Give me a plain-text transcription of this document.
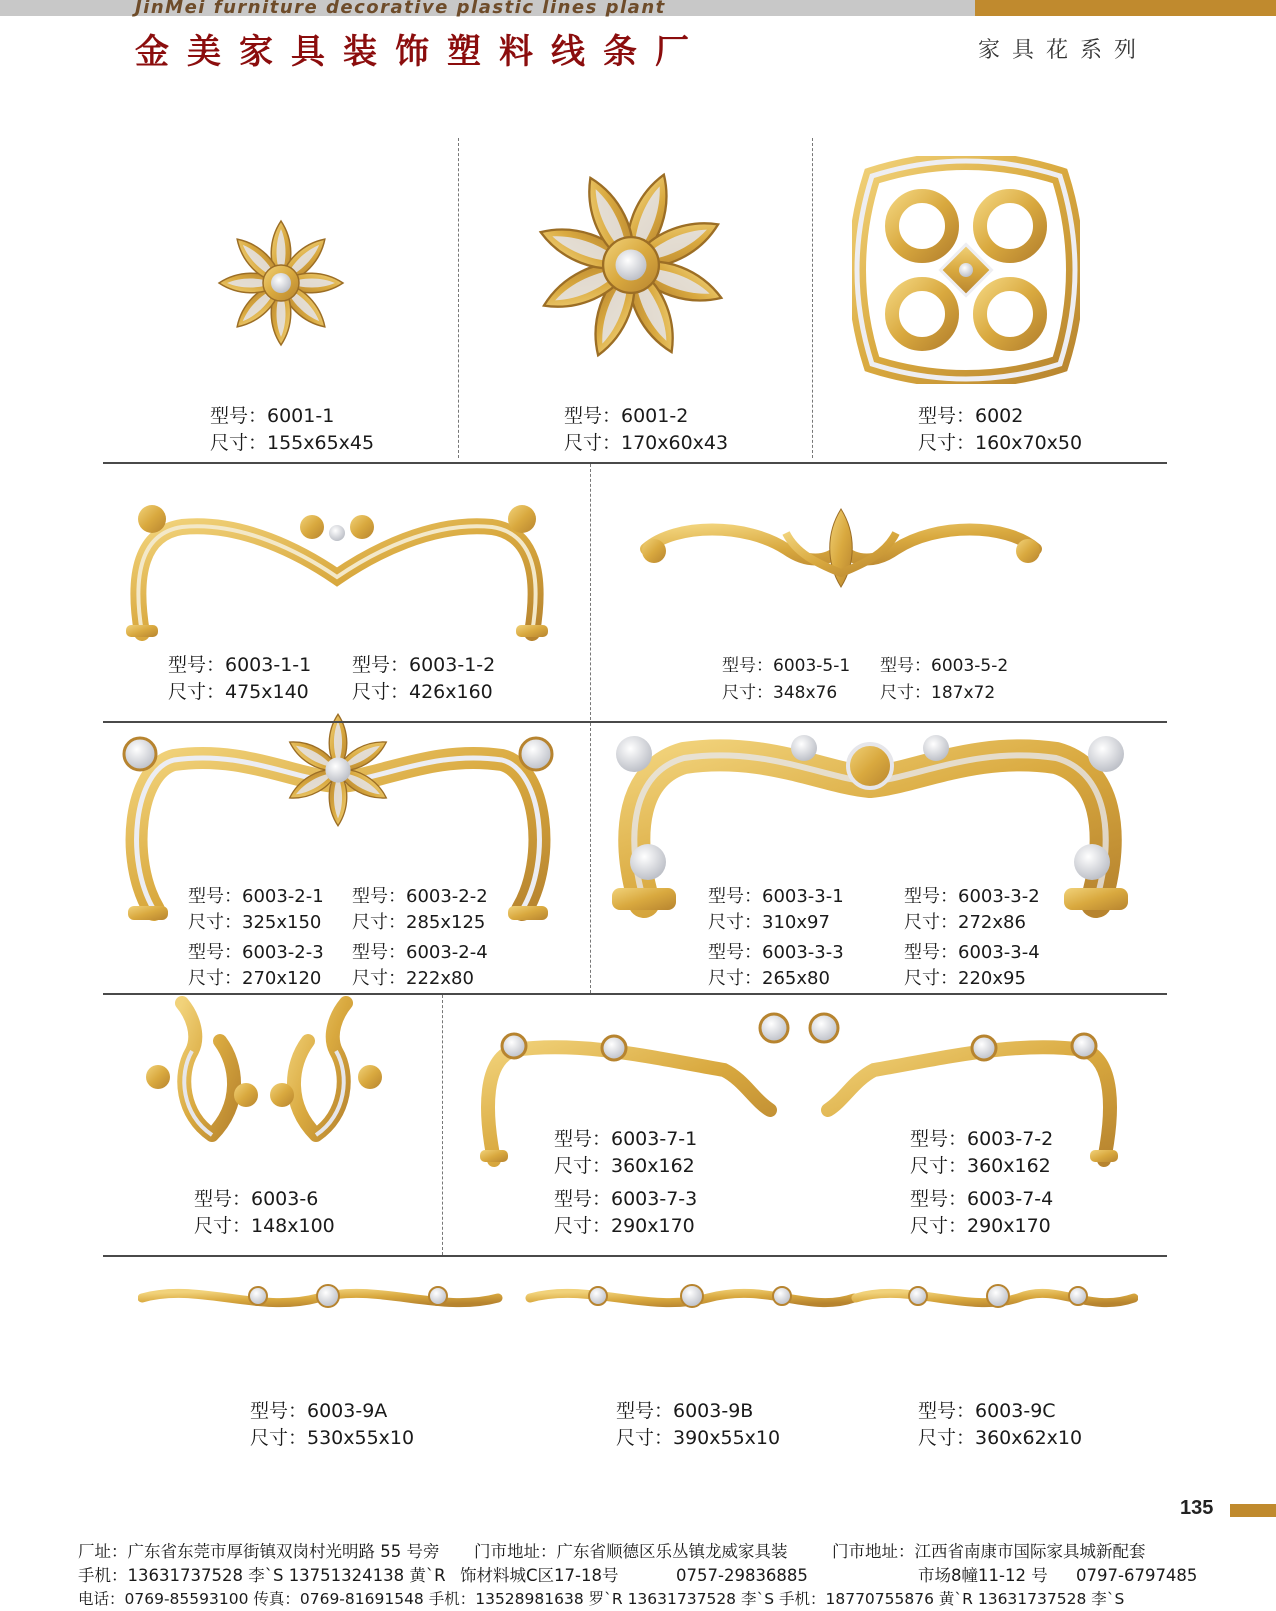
JinMei furniture decorative plastic lines plant
金美家具装饰塑料线条厂	家具花系列
型号：6001-1
尺寸：155x65x45
型号：6001-2
尺寸：170x60x43
型号：6002
尺寸：160x70x50
型号：6003-1-1
尺寸：475x140
型号：6003-1-2
尺寸：426x160
型号：6003-5-1
尺寸：348x76
型号：6003-5-2
尺寸：187x72
型号：6003-2-1
尺寸：325x150
型号：6003-2-2
尺寸：285x125
型号：6003-2-3
尺寸：270x120
型号：6003-2-4
尺寸：222x80
型号：6003-3-1
尺寸：310x97
型号：6003-3-2
尺寸：272x86
型号：6003-3-3
尺寸：265x80
型号：6003-3-4
尺寸：220x95
型号：6003-6
尺寸：148x100
型号：6003-7-1
尺寸：360x162
型号：6003-7-2
尺寸：360x162
型号：6003-7-3
尺寸：290x170
型号：6003-7-4
尺寸：290x170
型号：6003-9A
尺寸：530x55x10
型号：6003-9B
尺寸：390x55x10
型号：6003-9C
尺寸：360x62x10
135
厂址：广东省东莞市厚街镇双岗村光明路 55 号旁 门市地址：广东省顺德区乐丛镇龙威家具装	门市地址：江西省南康市国际家具城新配套
手机：13631737528 李`S 13751324138 黄`R 饰材料城C区17-18号	0757-29836885	市场8幢11-12 号 0797-6797485
电话：0769-85593100 传真：0769-81691548 手机：13528981638 罗`R 13631737528 李`S 手机：18770755876 黄`R 13631737528 李`S
